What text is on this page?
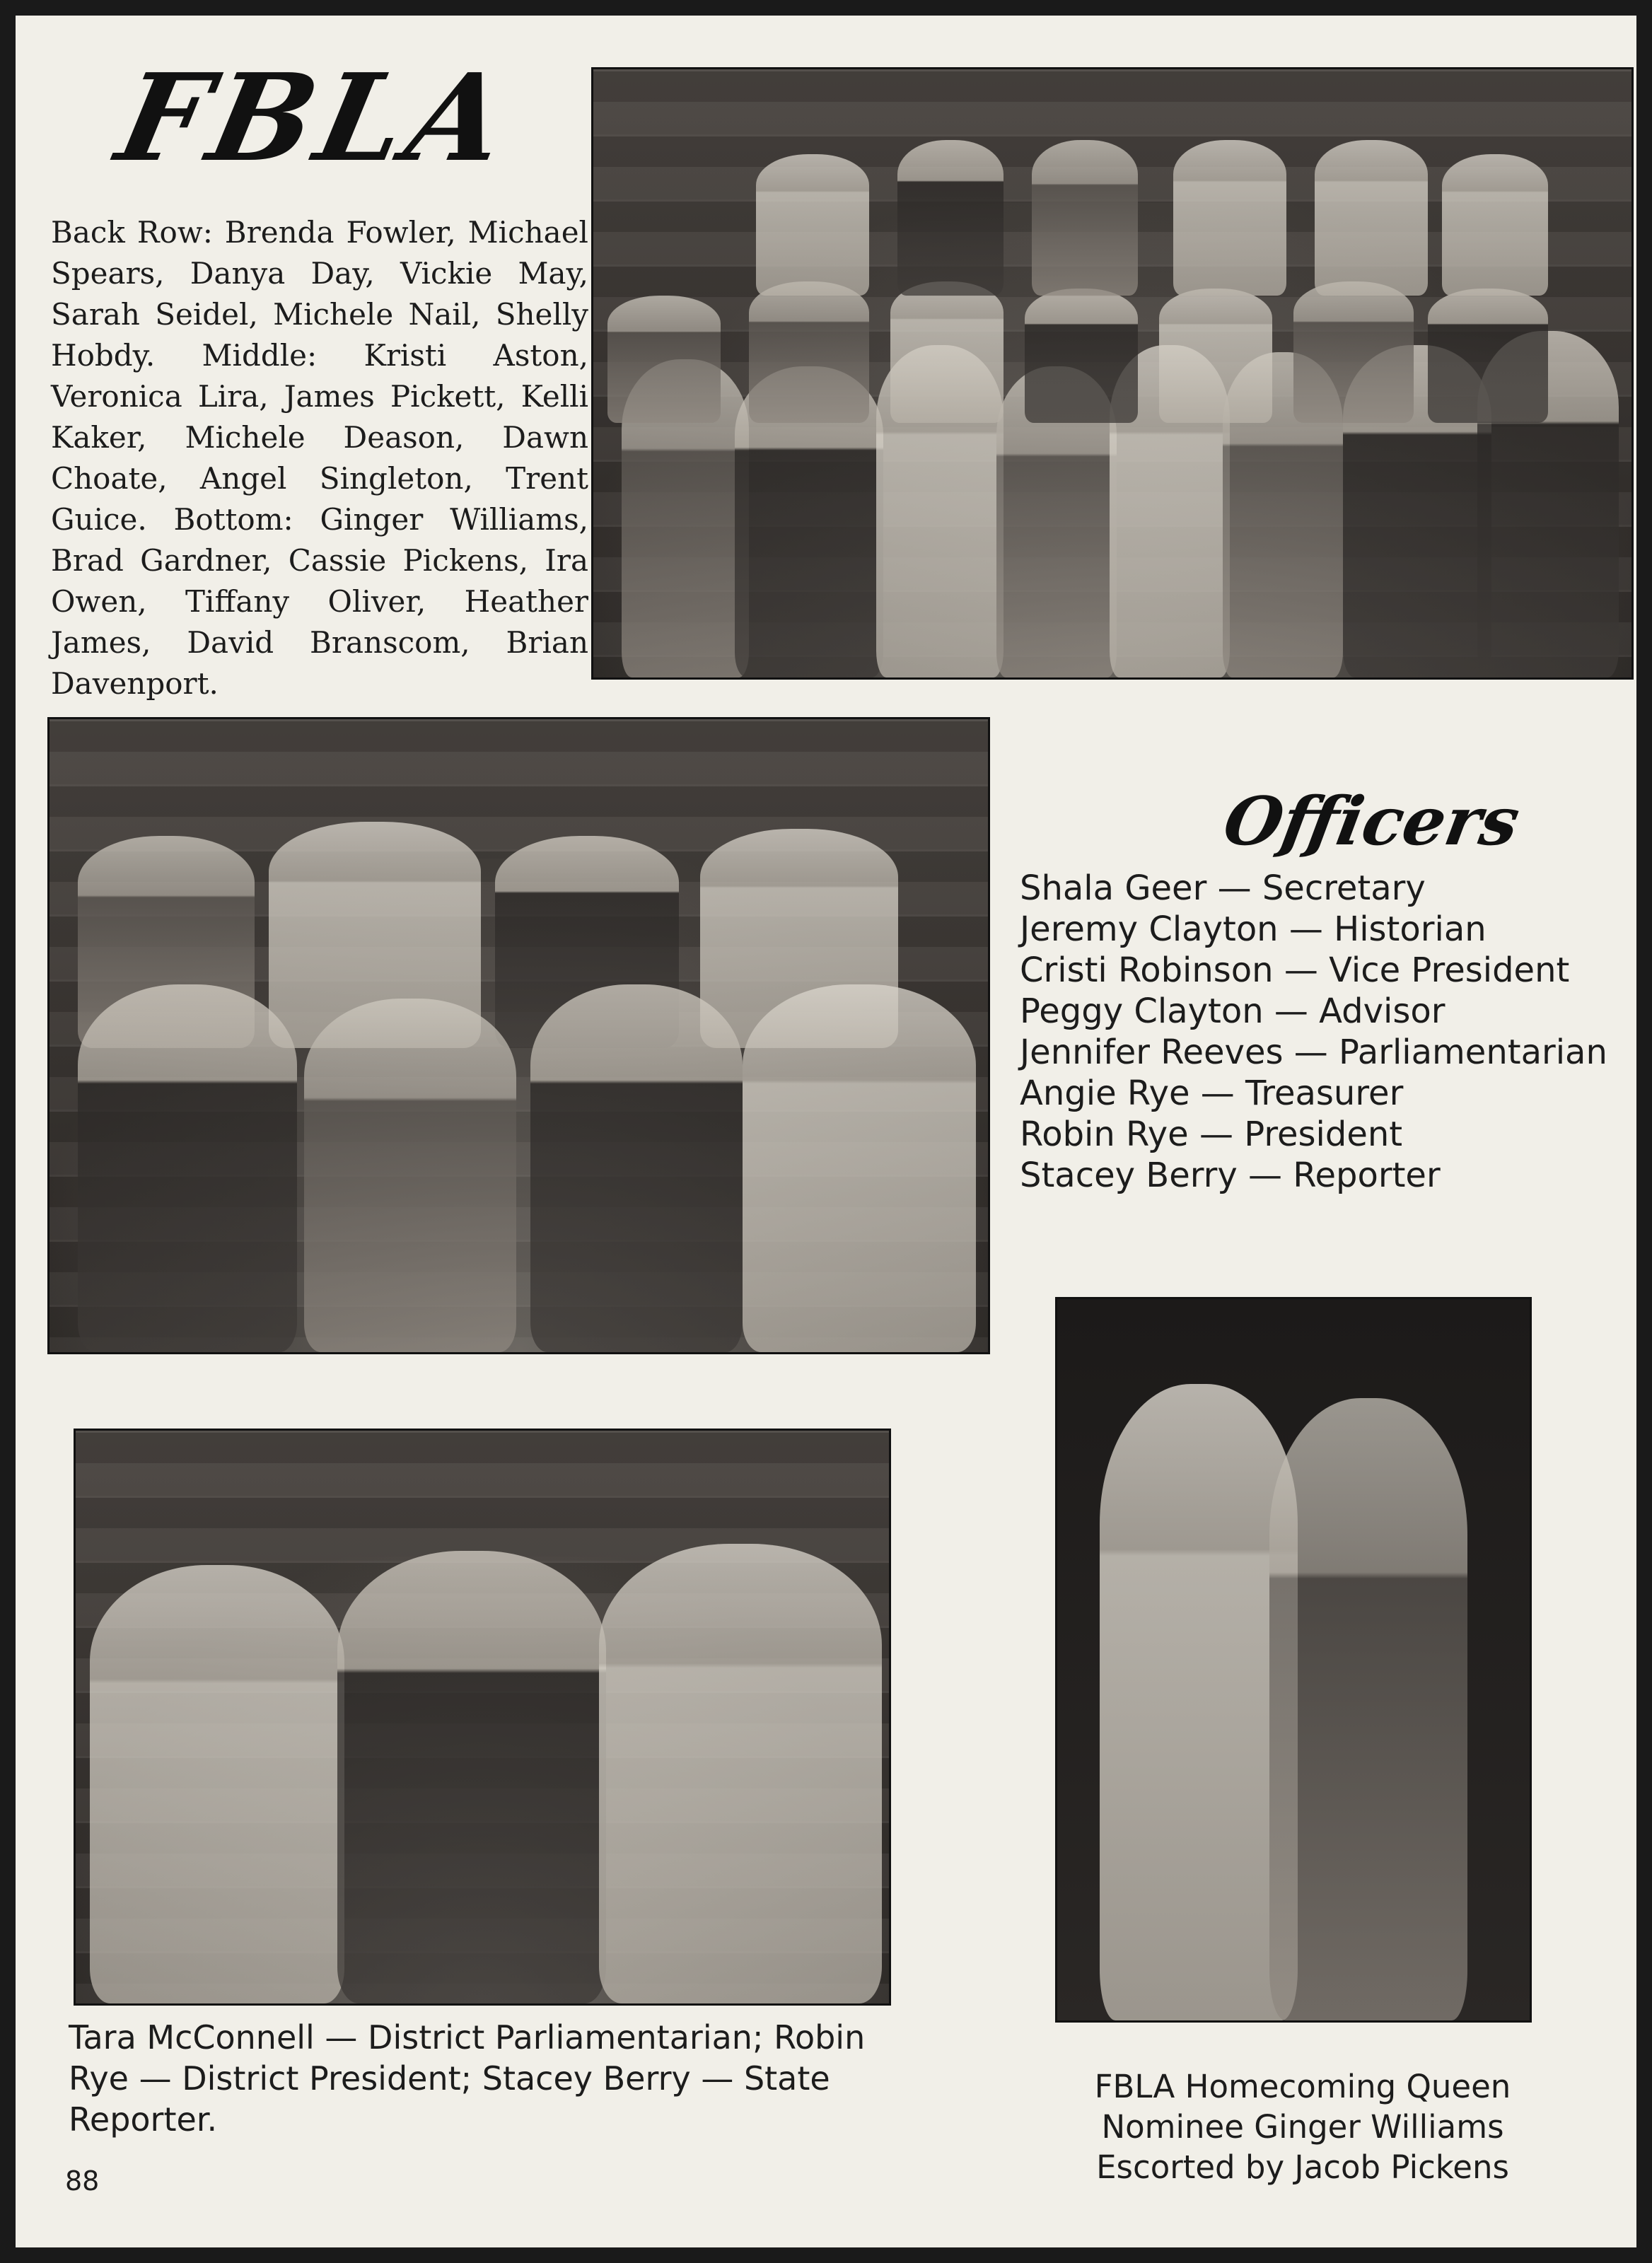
FBLA
Back Row: Brenda Fowler, Michael Spears, Danya Day, Vickie May, Sarah Seidel, Michele Nail, Shelly Hobdy. Middle: Kristi Aston, Veronica Lira, James Pickett, Kelli Kaker, Michele Deason, Dawn Choate, Angel Singleton, Trent Guice. Bottom: Ginger Williams, Brad Gardner, Cassie Pickens, Ira Owen, Tiffany Oliver, Heather James, David Branscom, Brian Davenport.
Officers
Shala Geer — Secretary
Jeremy Clayton — Historian
Cristi Robinson — Vice President
Peggy Clayton — Advisor
Jennifer Reeves — Parliamentarian
Angie Rye — Treasurer
Robin Rye — President
Stacey Berry — Reporter
Tara McConnell — District Parliamentarian; Robin Rye — District President; Stacey Berry — State Reporter.
FBLA Homecoming Queen
Nominee Ginger Williams
Escorted by Jacob Pickens
88
